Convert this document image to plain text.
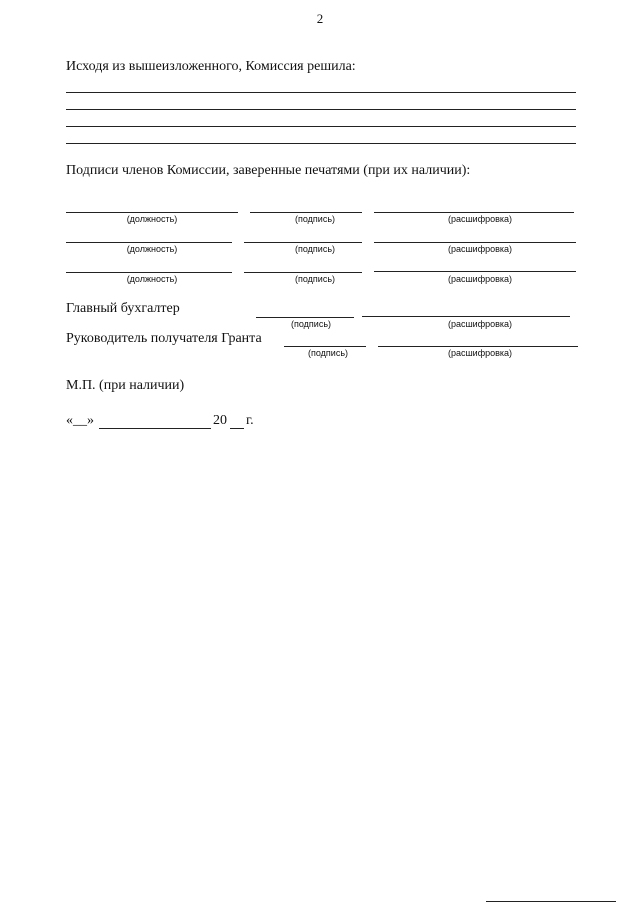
2
Исходя из вышеизложенного, Комиссия решила:
Подписи членов Комиссии, заверенные печатями (при их наличии):
(должность)	(подпись)	(расшифровка)
(должность)	(подпись)	(расшифровка)
(должность)	(подпись)	(расшифровка)
Главный бухгалтер
(подпись)	(расшифровка)
Руководитель получателя Гранта
(подпись)	(расшифровка)
М.П. (при наличии)
«__»	20 г.
